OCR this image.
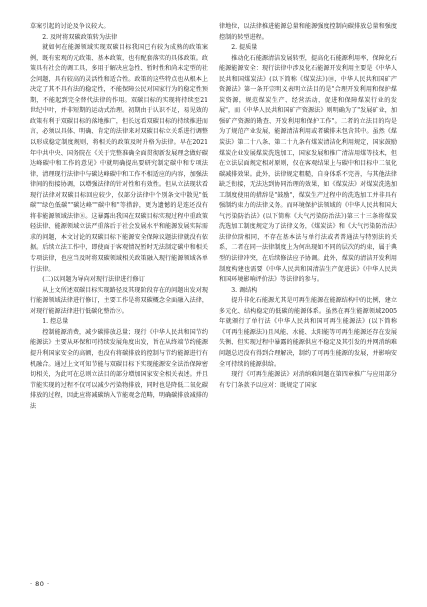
草案引起的讨论及争议较大。

2. 及时将双碳政策转为法律

就如何在能源领域实现双碳目标我国已有较为成熟的政策案例，既有宏观的元政策、基本政策，也有配套落实的具体政策。政策具有社会的调工具，多用于解决应急性、暂时性和尚未定型的社会问题，具有较高的灵活性和适合性。政策的这些特点也从根本上决定了其不具有法的稳定性，不能保障公民对国家行为的稳定性预期，不能起到完全替代法律的作用。双碳目标的实现将持续至21世纪中叶，并非短期的运动式治理。初期由于认识不足，易见效的政策有利于双碳目标的落地推广，但长远看双碳目标的持续推进而言，必须以具体、明确、肯定的法律来对双碳目标立关系进行调整以形成稳定制度规则，将相关的政策及时升格为法律。早在2021年中共中央、国务院在《关于完整准确全面贯彻新发展理念做好碳达峰碳中和工作的意见》中就明确提出要研究制定碳中和专项法律，清理现行法律中与碳达峰碳中和工作不相适应的内容，加强法律间的衔接协调，以增强法律的针对性和有效性。但从立法现状看现行法律对双碳目标回应较少，仅部分法律中个别条文中散见"低碳""绿色低碳""碳达峰""碳中和"等措辞，更为遗憾的是连还没有将非能源领域法律⑧。这暴露出我国在双碳目标实现过程中重政策轻法律、能源领域立法严重落后于社会发展水平和能源发展实际需求的问题，本文讨论的双碳目标下能源安全保障议题法律就没有依据。后续立法工作中，即使面于客观情况暂时无法制定碳中和相关专项法律，也应当及时将双碳领域相关政策融入现行能源领域各单行法律。

(二)以问题为导向对现行法律进行修订

从上文所述双碳目标实现路径及其现阶段存在的问题出发对现行能源领域法律进行修订，主要工作是将双碳概念全面融入法律，对现行能源法律进行低碳化整治⑨。

1. 控总量

控制能源消费，减少碳排放总量；现行《中华人民共和国节约能源法》主要从环保和可持续发展角度出发，旨在从终端节约能源提升利国家安全的高额，也没有将碳排放的控制与节约能源进行有机融合。通过上文可知节能与双碳目标下实现能源安全法治保障密切相关，为此可在总则立法目的部分增加国家安全相关表述。并且节能实现的过程不仅可以减少污染物排放，同时也是降低二氧化碳排放的过程，因此应将减碳纳入节能观念范畴，明确碳排放减排的法

律地位，以法律推进能源总量和能源强度控制向碳排放总量和强度控制的转型进程。

2. 提质量

推动化石能源清洁发展转型，提高化石能源利用率，保障化石能源能源安全：现行法律中涉及化石能源开发利用主要是《中华人民共和国煤炭法》(以下简称《煤炭法》)⑩，中华人民共和国矿产资源法》第一条开宗明义表明立法目的是"合理开发利用和保护煤炭资源，规范煤炭生产、经营活动，促进和保障煤炭行业的发展"，而《中华人民共和国矿产资源法》则明确为了"发展矿业，加强矿产资源的勘查、开发利用和保护工作"。二者的立法目的均是为了规范产业发展，能源清洁利用或者碳排未包含其中。虽然《煤炭法》第二十八条、第二十九条有煤炭清洁化利用规定，国家鼓励煤炭企业发展煤炭洗选加工，国家发展和推广清洁用煤等技术，但在立法层面规定相对原则，仅在客观结果上与碳中和目标中二氧化碳减排效果。此外，法律规定粗糙，自身体系不完善，与其他法律缺乏衔接，无法达到协同治理的效果，如《煤炭法》对煤炭洗选加工制度使用的措辞是"鼓励"，煤炭生产过程中的洗选加工并非具有强制约束力的法律义务。而环境保护法领域的《中华人民共和国大气污染防治法》(以下简称《大气污染防治法》)第三十三条将煤炭洗选加工制度规定为了法律义务，《煤炭法》和《大气污染防治法》法律位阶相同，不存在基本法与单行法或者普通法与特别法的关系，二者在同一法律制度上为何出现如不同的层次的约束，属于典型的法律冲突，在后续修法应予协调。此外，煤炭的清洁开发利用制度构建也需要《中华人民共和国清洁生产促进法》《中华人民共和国环境影响评价法》等法律的参与。

3. 调结构

提升非化石能源尤其是可再生能源在能源结构中的比例，建立多元化、结构稳定的低碳的能源体系。虽然在再生能源领域2005年就颁行了单行法《中华人民共和国可再生能源法》(以下简称《可再生能源法》)且风能、水能、太阳能等可再生能源还存在发展失衡、但实现过程中暴露的能源供应不稳定及其引发的并网消纳难问题总迟没有得到合理解决，制约了可再生能源的发展，并影响安全可持续的能源供给。

现行《可再生能源法》对消纳难问题在第四章推广与应用部分有专门条款予以应对：既规定了国家

· 80 ·
